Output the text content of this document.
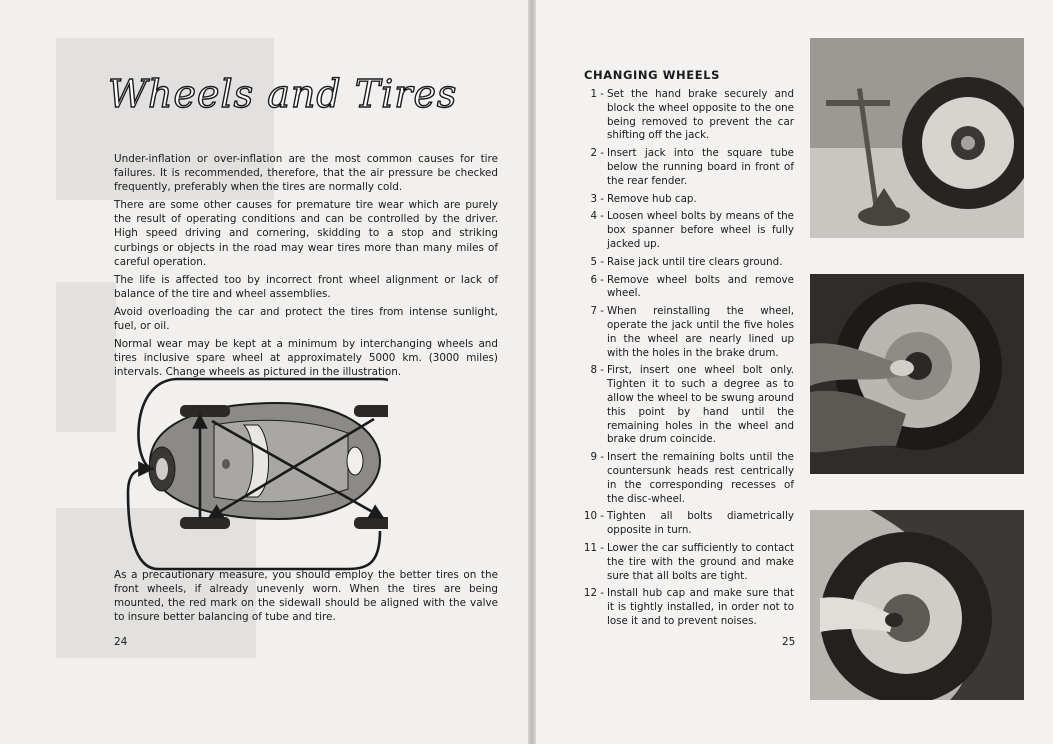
Wheels and Tires

Under-inflation or over-inflation are the most common causes for tire failures. It is recommended, therefore, that the air pressure be checked frequently, preferably when the tires are normally cold.

There are some other causes for premature tire wear which are purely the result of operating conditions and can be controlled by the driver. High speed driving and cornering, skidding to a stop and striking curbings or objects in the road may wear tires more than many miles of careful operation.

The life is affected too by incorrect front wheel alignment or lack of balance of the tire and wheel assemblies.

Avoid overloading the car and protect the tires from intense sunlight, fuel, or oil.

Normal wear may be kept at a minimum by interchanging wheels and tires inclusive spare wheel at approximately 5000 km. (3000 miles) intervals. Change wheels as pictured in the illustration.

As a precautionary measure, you should employ the better tires on the front wheels, if already unevenly worn. When the tires are being mounted, the red mark on the sidewall should be aligned with the valve to insure better balancing of tube and tire.
24
CHANGING WHEELS
1 - Set the hand brake securely and block the wheel opposite to the one being removed to prevent the car shifting off the jack.
2 - Insert jack into the square tube below the running board in front of the rear fender.
3 - Remove hub cap.
4 - Loosen wheel bolts by means of the box spanner before wheel is fully jacked up.
5 - Raise jack until tire clears ground.
6 - Remove wheel bolts and remove wheel.
7 - When reinstalling the wheel, operate the jack until the five holes in the wheel are nearly lined up with the holes in the brake drum.
8 - First, insert one wheel bolt only. Tighten it to such a degree as to allow the wheel to be swung around this point by hand until the remaining holes in the wheel and brake drum coincide.
9 - Insert the remaining bolts until the countersunk heads rest centrically in the corresponding recesses of the disc-wheel.
10 - Tighten all bolts diametrically opposite in turn.
11 - Lower the car sufficiently to contact the tire with the ground and make sure that all bolts are tight.
12 - Install hub cap and make sure that it is tightly installed, in order not to lose it and to prevent noises.
25
